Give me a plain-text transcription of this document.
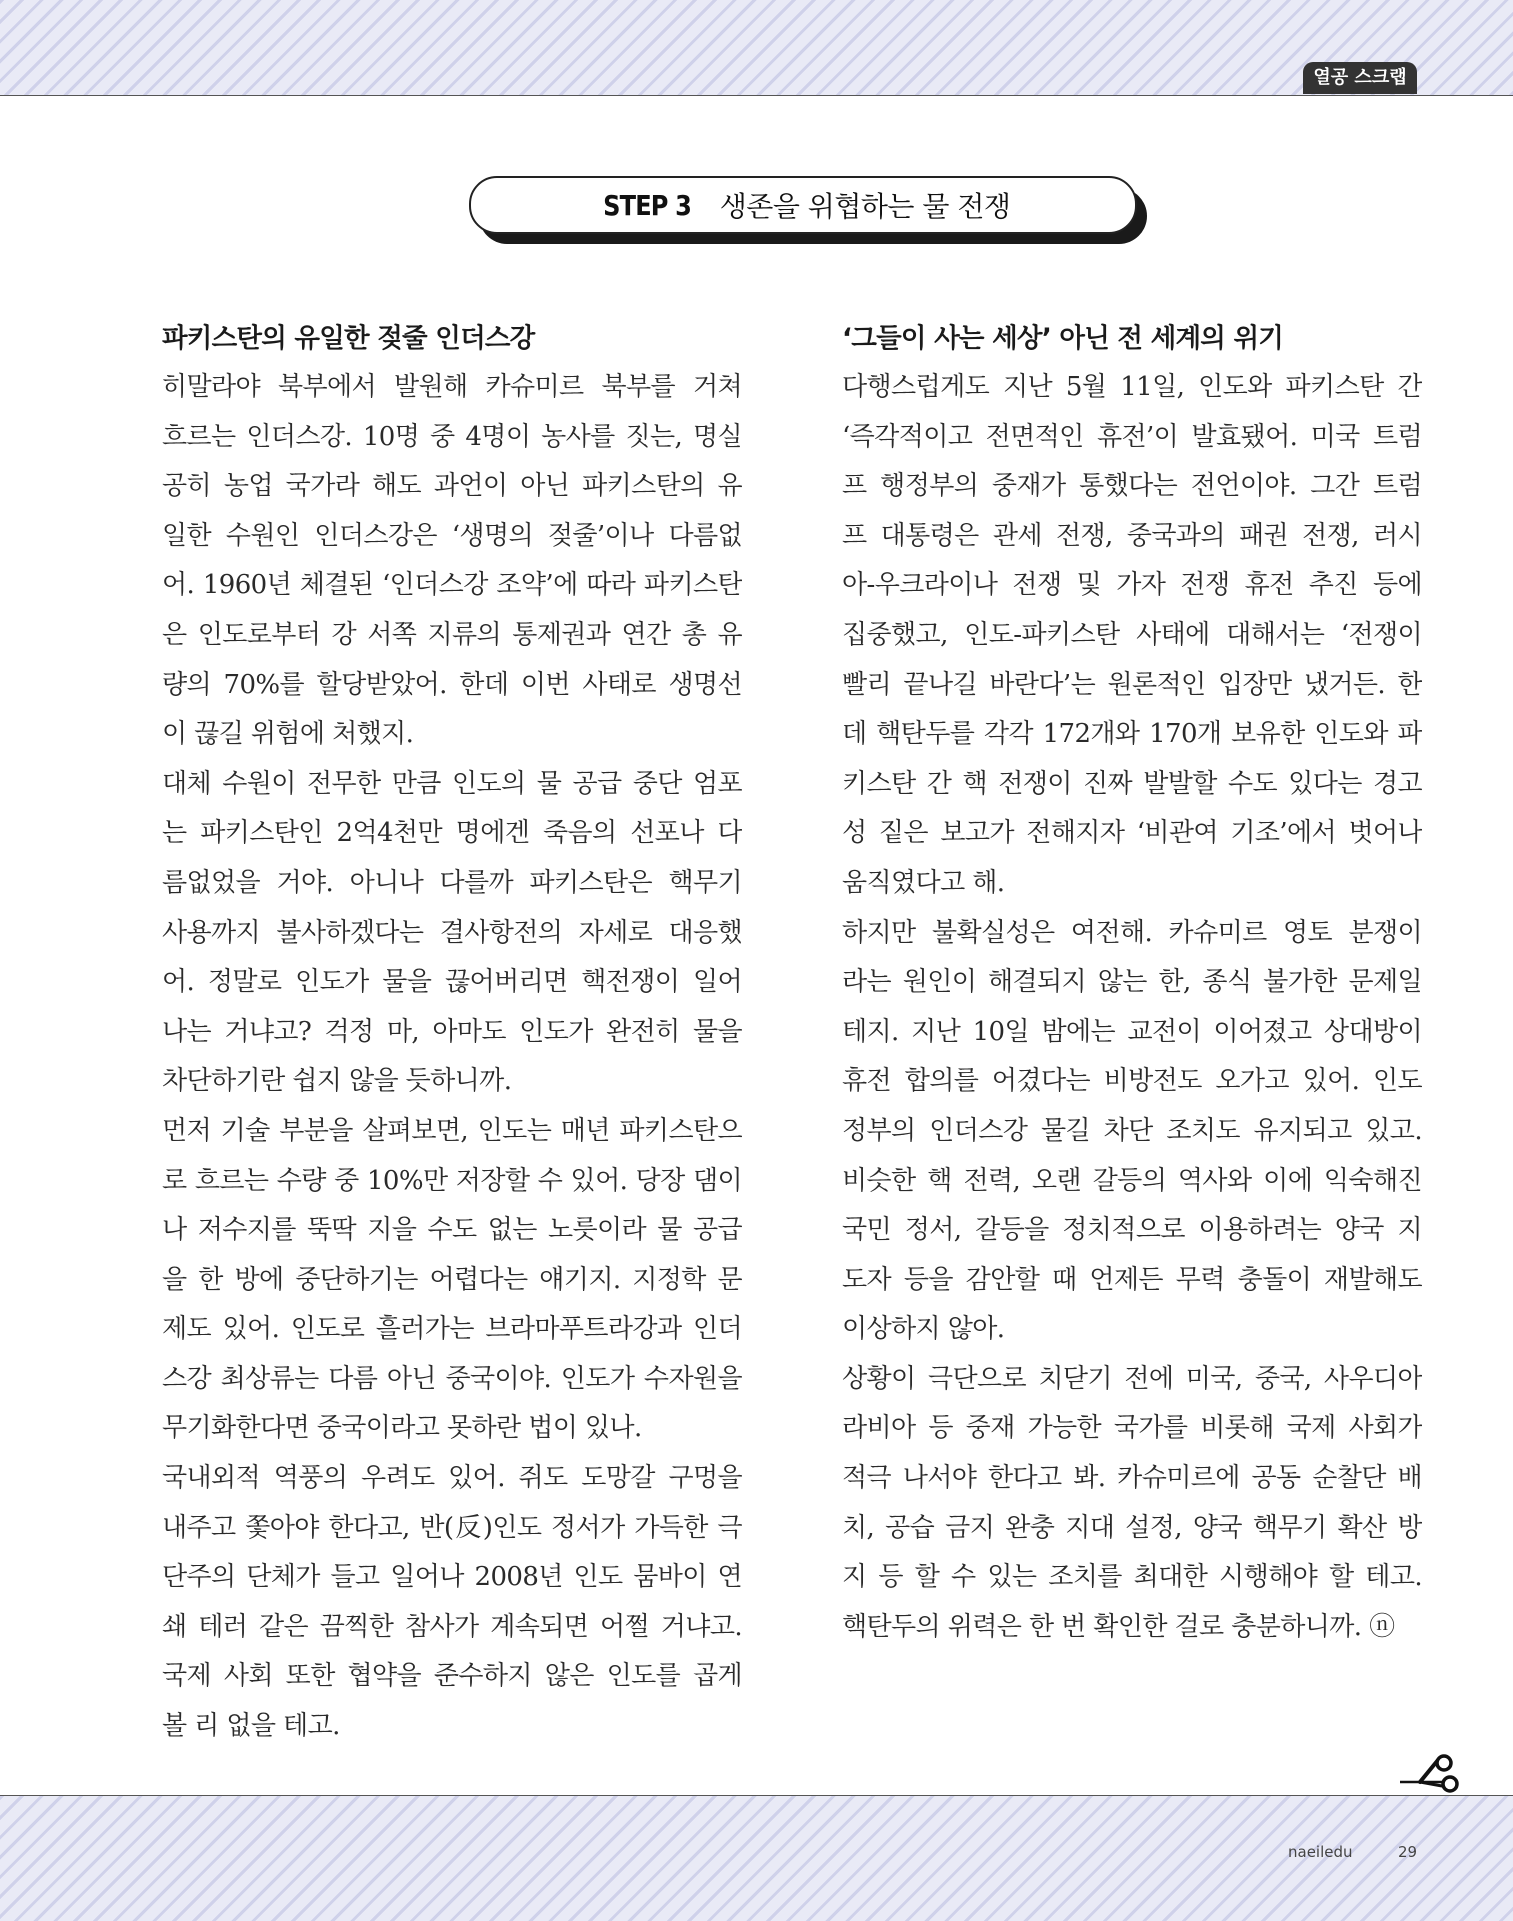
열공 스크랩
STEP 3 생존을 위협하는 물 전쟁
파키스탄의 유일한 젖줄 인더스강
히말라야 북부에서 발원해 카슈미르 북부를 거쳐
흐르는 인더스강. 10명 중 4명이 농사를 짓는, 명실
공히 농업 국가라 해도 과언이 아닌 파키스탄의 유
일한 수원인 인더스강은 ‘생명의 젖줄’이나 다름없
어. 1960년 체결된 ‘인더스강 조약’에 따라 파키스탄
은 인도로부터 강 서쪽 지류의 통제권과 연간 총 유
량의 70%를 할당받았어. 한데 이번 사태로 생명선
이 끊길 위험에 처했지.
대체 수원이 전무한 만큼 인도의 물 공급 중단 엄포
는 파키스탄인 2억4천만 명에겐 죽음의 선포나 다
름없었을 거야. 아니나 다를까 파키스탄은 핵무기
사용까지 불사하겠다는 결사항전의 자세로 대응했
어. 정말로 인도가 물을 끊어버리면 핵전쟁이 일어
나는 거냐고? 걱정 마, 아마도 인도가 완전히 물을
차단하기란 쉽지 않을 듯하니까.
먼저 기술 부분을 살펴보면, 인도는 매년 파키스탄으
로 흐르는 수량 중 10%만 저장할 수 있어. 당장 댐이
나 저수지를 뚝딱 지을 수도 없는 노릇이라 물 공급
을 한 방에 중단하기는 어렵다는 얘기지. 지정학 문
제도 있어. 인도로 흘러가는 브라마푸트라강과 인더
스강 최상류는 다름 아닌 중국이야. 인도가 수자원을
무기화한다면 중국이라고 못하란 법이 있나.
국내외적 역풍의 우려도 있어. 쥐도 도망갈 구멍을
내주고 쫓아야 한다고, 반(反)인도 정서가 가득한 극
단주의 단체가 들고 일어나 2008년 인도 뭄바이 연
쇄 테러 같은 끔찍한 참사가 계속되면 어쩔 거냐고.
국제 사회 또한 협약을 준수하지 않은 인도를 곱게
볼 리 없을 테고.
‘그들이 사는 세상’ 아닌 전 세계의 위기
다행스럽게도 지난 5월 11일, 인도와 파키스탄 간
‘즉각적이고 전면적인 휴전’이 발효됐어. 미국 트럼
프 행정부의 중재가 통했다는 전언이야. 그간 트럼
프 대통령은 관세 전쟁, 중국과의 패권 전쟁, 러시
아-우크라이나 전쟁 및 가자 전쟁 휴전 추진 등에
집중했고, 인도-파키스탄 사태에 대해서는 ‘전쟁이
빨리 끝나길 바란다’는 원론적인 입장만 냈거든. 한
데 핵탄두를 각각 172개와 170개 보유한 인도와 파
키스탄 간 핵 전쟁이 진짜 발발할 수도 있다는 경고
성 짙은 보고가 전해지자 ‘비관여 기조’에서 벗어나
움직였다고 해.
하지만 불확실성은 여전해. 카슈미르 영토 분쟁이
라는 원인이 해결되지 않는 한, 종식 불가한 문제일
테지. 지난 10일 밤에는 교전이 이어졌고 상대방이
휴전 합의를 어겼다는 비방전도 오가고 있어. 인도
정부의 인더스강 물길 차단 조치도 유지되고 있고.
비슷한 핵 전력, 오랜 갈등의 역사와 이에 익숙해진
국민 정서, 갈등을 정치적으로 이용하려는 양국 지
도자 등을 감안할 때 언제든 무력 충돌이 재발해도
이상하지 않아.
상황이 극단으로 치닫기 전에 미국, 중국, 사우디아
라비아 등 중재 가능한 국가를 비롯해 국제 사회가
적극 나서야 한다고 봐. 카슈미르에 공동 순찰단 배
치, 공습 금지 완충 지대 설정, 양국 핵무기 확산 방
지 등 할 수 있는 조치를 최대한 시행해야 할 테고.
핵탄두의 위력은 한 번 확인한 걸로 충분하니까. ⓝ
naeiledu	29
